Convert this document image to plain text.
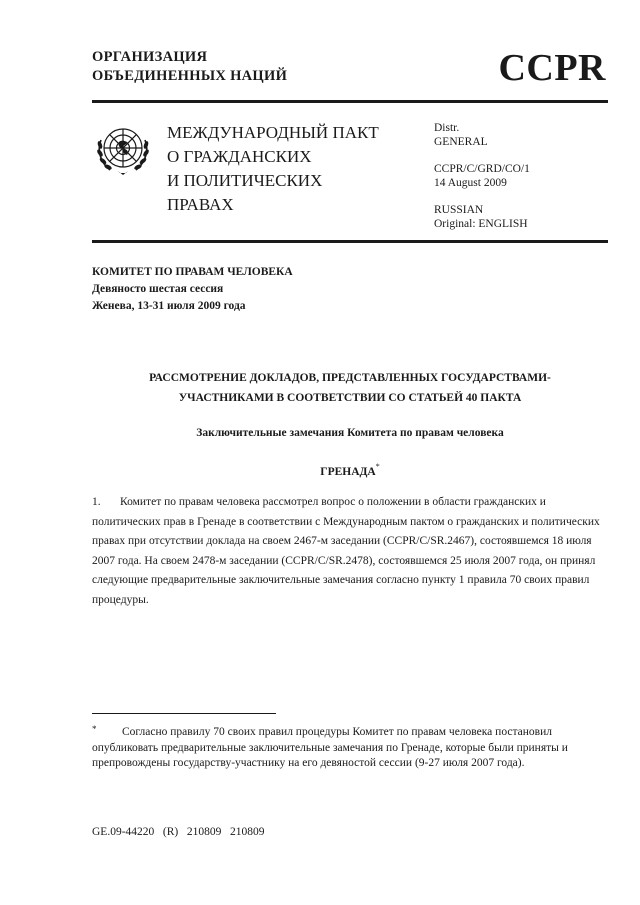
ОРГАНИЗАЦИЯ
ОБЪЕДИНЕННЫХ НАЦИЙ	CCPR
МЕЖДУНАРОДНЫЙ ПАКТ
О ГРАЖДАНСКИХ
И ПОЛИТИЧЕСКИХ
ПРАВАХ
Distr.
GENERAL
CCPR/C/GRD/CO/1
14 August 2009
RUSSIAN
Original: ENGLISH
КОМИТЕТ ПО ПРАВАМ ЧЕЛОВЕКА
Девяносто шестая сессия
Женева, 13-31 июля 2009 года
РАССМОТРЕНИЕ ДОКЛАДОВ, ПРЕДСТАВЛЕННЫХ ГОСУДАРСТВАМИ-
УЧАСТНИКАМИ В СООТВЕТСТВИИ СО СТАТЬЕЙ 40 ПАКТА
Заключительные замечания Комитета по правам человека
ГРЕНАДА*
1. Комитет по правам человека рассмотрел вопрос о положении в области гражданских и политических прав в Гренаде в соответствии с Международным пактом о гражданских и политических правах при отсутствии доклада на своем 2467-м заседании (CCPR/C/SR.2467), состоявшемся 18 июля 2007 года. На своем 2478-м заседании (CCPR/C/SR.2478), состоявшемся 25 июля 2007 года, он принял следующие предварительные заключительные замечания согласно пункту 1 правила 70 своих правил процедуры.
* Согласно правилу 70 своих правил процедуры Комитет по правам человека постановил опубликовать предварительные заключительные замечания по Гренаде, которые были приняты и препровождены государству-участнику на его девяностой сессии (9-27 июля 2007 года).
GE.09-44220   (R)   210809   210809
